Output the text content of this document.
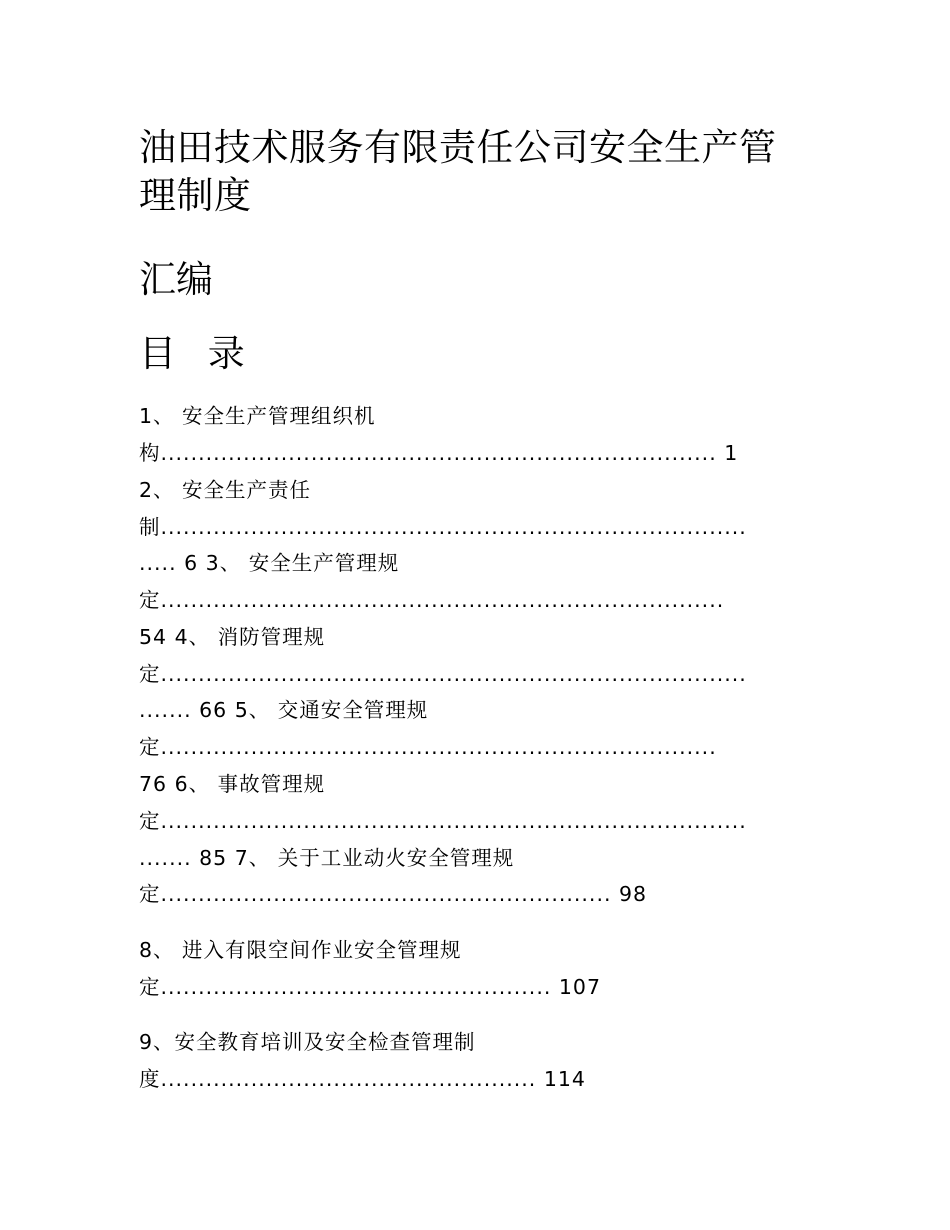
油田技术服务有限责任公司安全生产管理制度
汇编
目 录
1、 安全生产管理组织机
构.......................................................................... 1
2、 安全生产责任
制..............................................................................
..... 6 3、 安全生产管理规
定...........................................................................
54 4、 消防管理规
定..............................................................................
....... 66 5、 交通安全管理规
定..........................................................................
76 6、 事故管理规
定..............................................................................
....... 85 7、 关于工业动火安全管理规
定............................................................ 98
8、 进入有限空间作业安全管理规
定.................................................... 107
9、安全教育培训及安全检查管理制
度.................................................. 114
